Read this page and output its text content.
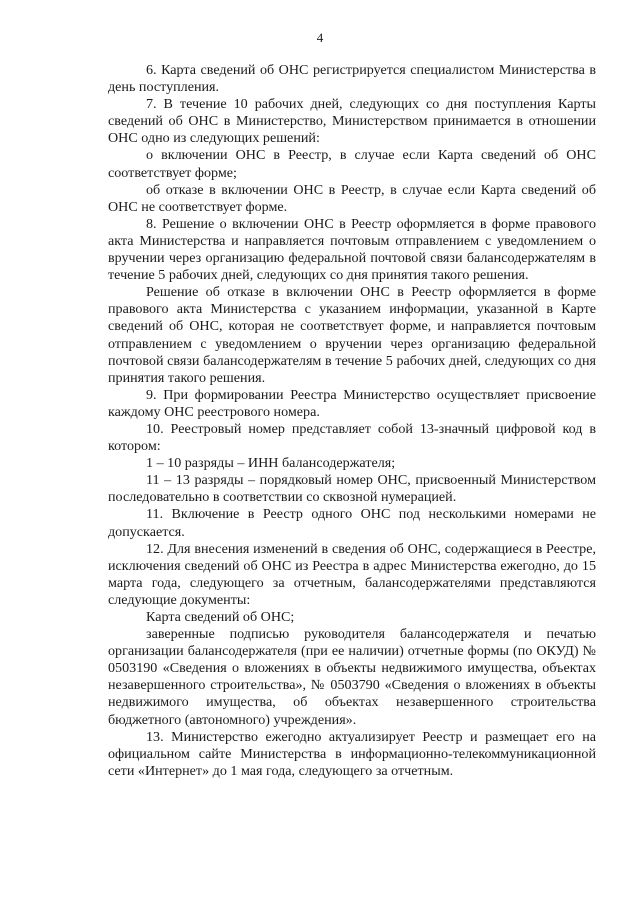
4

6. Карта сведений об ОНС регистрируется специалистом Министерства в день поступления.

7. В течение 10 рабочих дней, следующих со дня поступления Карты сведений об ОНС в Министерство, Министерством принимается в отношении ОНС одно из следующих решений:

о включении ОНС в Реестр, в случае если Карта сведений об ОНС соответствует форме;

об отказе в включении ОНС в Реестр, в случае если Карта сведений об ОНС не соответствует форме.

8. Решение о включении ОНС в Реестр оформляется в форме правового акта Министерства и направляется почтовым отправлением с уведомлением о вручении через организацию федеральной почтовой связи балансодержателям в течение 5 рабочих дней, следующих со дня принятия такого решения.

Решение об отказе в включении ОНС в Реестр оформляется в форме правового акта Министерства с указанием информации, указанной в Карте сведений об ОНС, которая не соответствует форме, и направляется почтовым отправлением с уведомлением о вручении через организацию федеральной почтовой связи балансодержателям в течение 5 рабочих дней, следующих со дня принятия такого решения.

9. При формировании Реестра Министерство осуществляет присвоение каждому ОНС реестрового номера.

10. Реестровый номер представляет собой 13-значный цифровой код в котором:

1 – 10 разряды – ИНН балансодержателя;

11 – 13 разряды – порядковый номер ОНС, присвоенный Министерством последовательно в соответствии со сквозной нумерацией.

11. Включение в Реестр одного ОНС под несколькими номерами не допускается.

12. Для внесения изменений в сведения об ОНС, содержащиеся в Реестре, исключения сведений об ОНС из Реестра в адрес Министерства ежегодно, до 15 марта года, следующего за отчетным, балансодержателями представляются следующие документы:

Карта сведений об ОНС;

заверенные подписью руководителя балансодержателя и печатью организации балансодержателя (при ее наличии) отчетные формы (по ОКУД) № 0503190 «Сведения о вложениях в объекты недвижимого имущества, объектах незавершенного строительства», № 0503790 «Сведения о вложениях в объекты недвижимого имущества, об объектах незавершенного строительства бюджетного (автономного) учреждения».

13. Министерство ежегодно актуализирует Реестр и размещает его на официальном сайте Министерства в информационно-телекоммуникационной сети «Интернет» до 1 мая года, следующего за отчетным.
